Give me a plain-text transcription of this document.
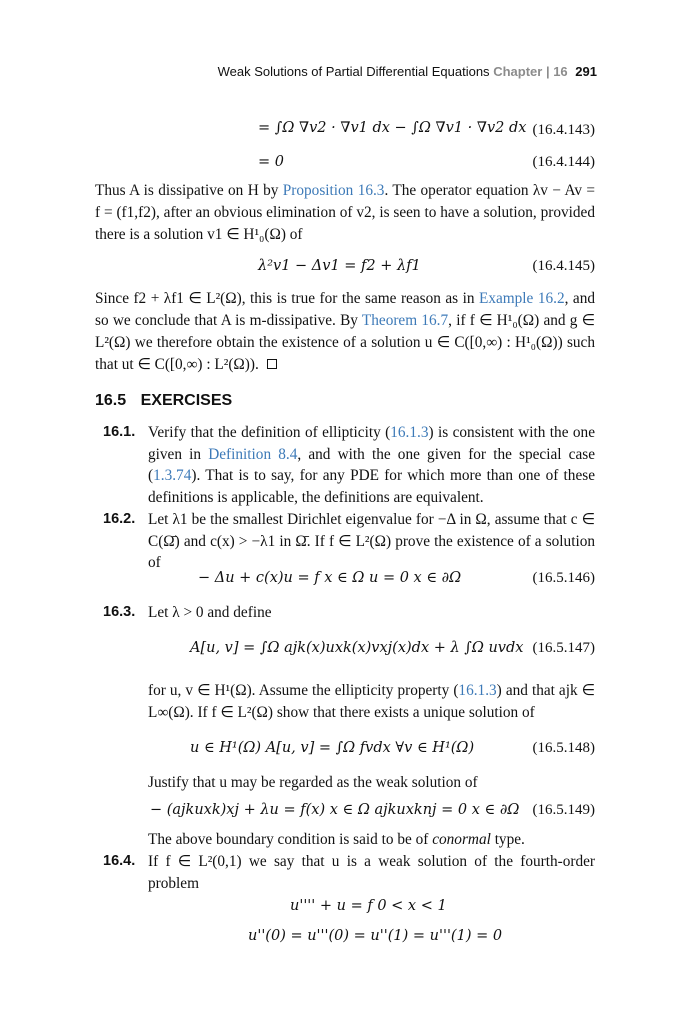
Weak Solutions of Partial Differential Equations Chapter | 16 291
= ∫Ω ∇v2 · ∇v1 dx − ∫Ω ∇v1 · ∇v2 dx (16.4.143)
= 0	(16.4.144)
Thus A is dissipative on H by Proposition 16.3. The operator equation λv − Av = f = (f1,f2), after an obvious elimination of v2, is seen to have a solution, provided there is a solution v1 ∈ H¹₀(Ω) of
λ²v1 − Δv1 = f2 + λf1	(16.4.145)
Since f2 + λf1 ∈ L²(Ω), this is true for the same reason as in Example 16.2, and so we conclude that A is m-dissipative. By Theorem 16.7, if f ∈ H¹₀(Ω) and g ∈ L²(Ω) we therefore obtain the existence of a solution u ∈ C([0,∞) : H¹₀(Ω)) such that ut ∈ C([0,∞) : L²(Ω)).
16.5 EXERCISES
16.1. Verify that the definition of ellipticity (16.1.3) is consistent with the one given in Definition 8.4, and with the one given for the special case (1.3.74). That is to say, for any PDE for which more than one of these definitions is applicable, the definitions are equivalent.
16.2. Let λ1 be the smallest Dirichlet eigenvalue for −Δ in Ω, assume that c ∈ C(Ω̄) and c(x) > −λ1 in Ω̄. If f ∈ L²(Ω) prove the existence of a solution of
− Δu + c(x)u = f x ∈ Ω u = 0 x ∈ ∂Ω	(16.5.146)
16.3. Let λ > 0 and define
A[u, v] = ∫Ω ajk(x)uxk(x)vxj(x)dx + λ ∫Ω uvdx (16.5.147)
for u, v ∈ H¹(Ω). Assume the ellipticity property (16.1.3) and that ajk ∈ L∞(Ω). If f ∈ L²(Ω) show that there exists a unique solution of
u ∈ H¹(Ω) A[u, v] = ∫Ω fvdx ∀v ∈ H¹(Ω)	(16.5.148)
Justify that u may be regarded as the weak solution of
− (ajkuxk)xj + λu = f(x) x ∈ Ω ajkuxknj = 0 x ∈ ∂Ω (16.5.149)
The above boundary condition is said to be of conormal type.
16.4. If f ∈ L²(0,1) we say that u is a weak solution of the fourth-order problem
u'''' + u = f 0 < x < 1
u''(0) = u'''(0) = u''(1) = u'''(1) = 0
